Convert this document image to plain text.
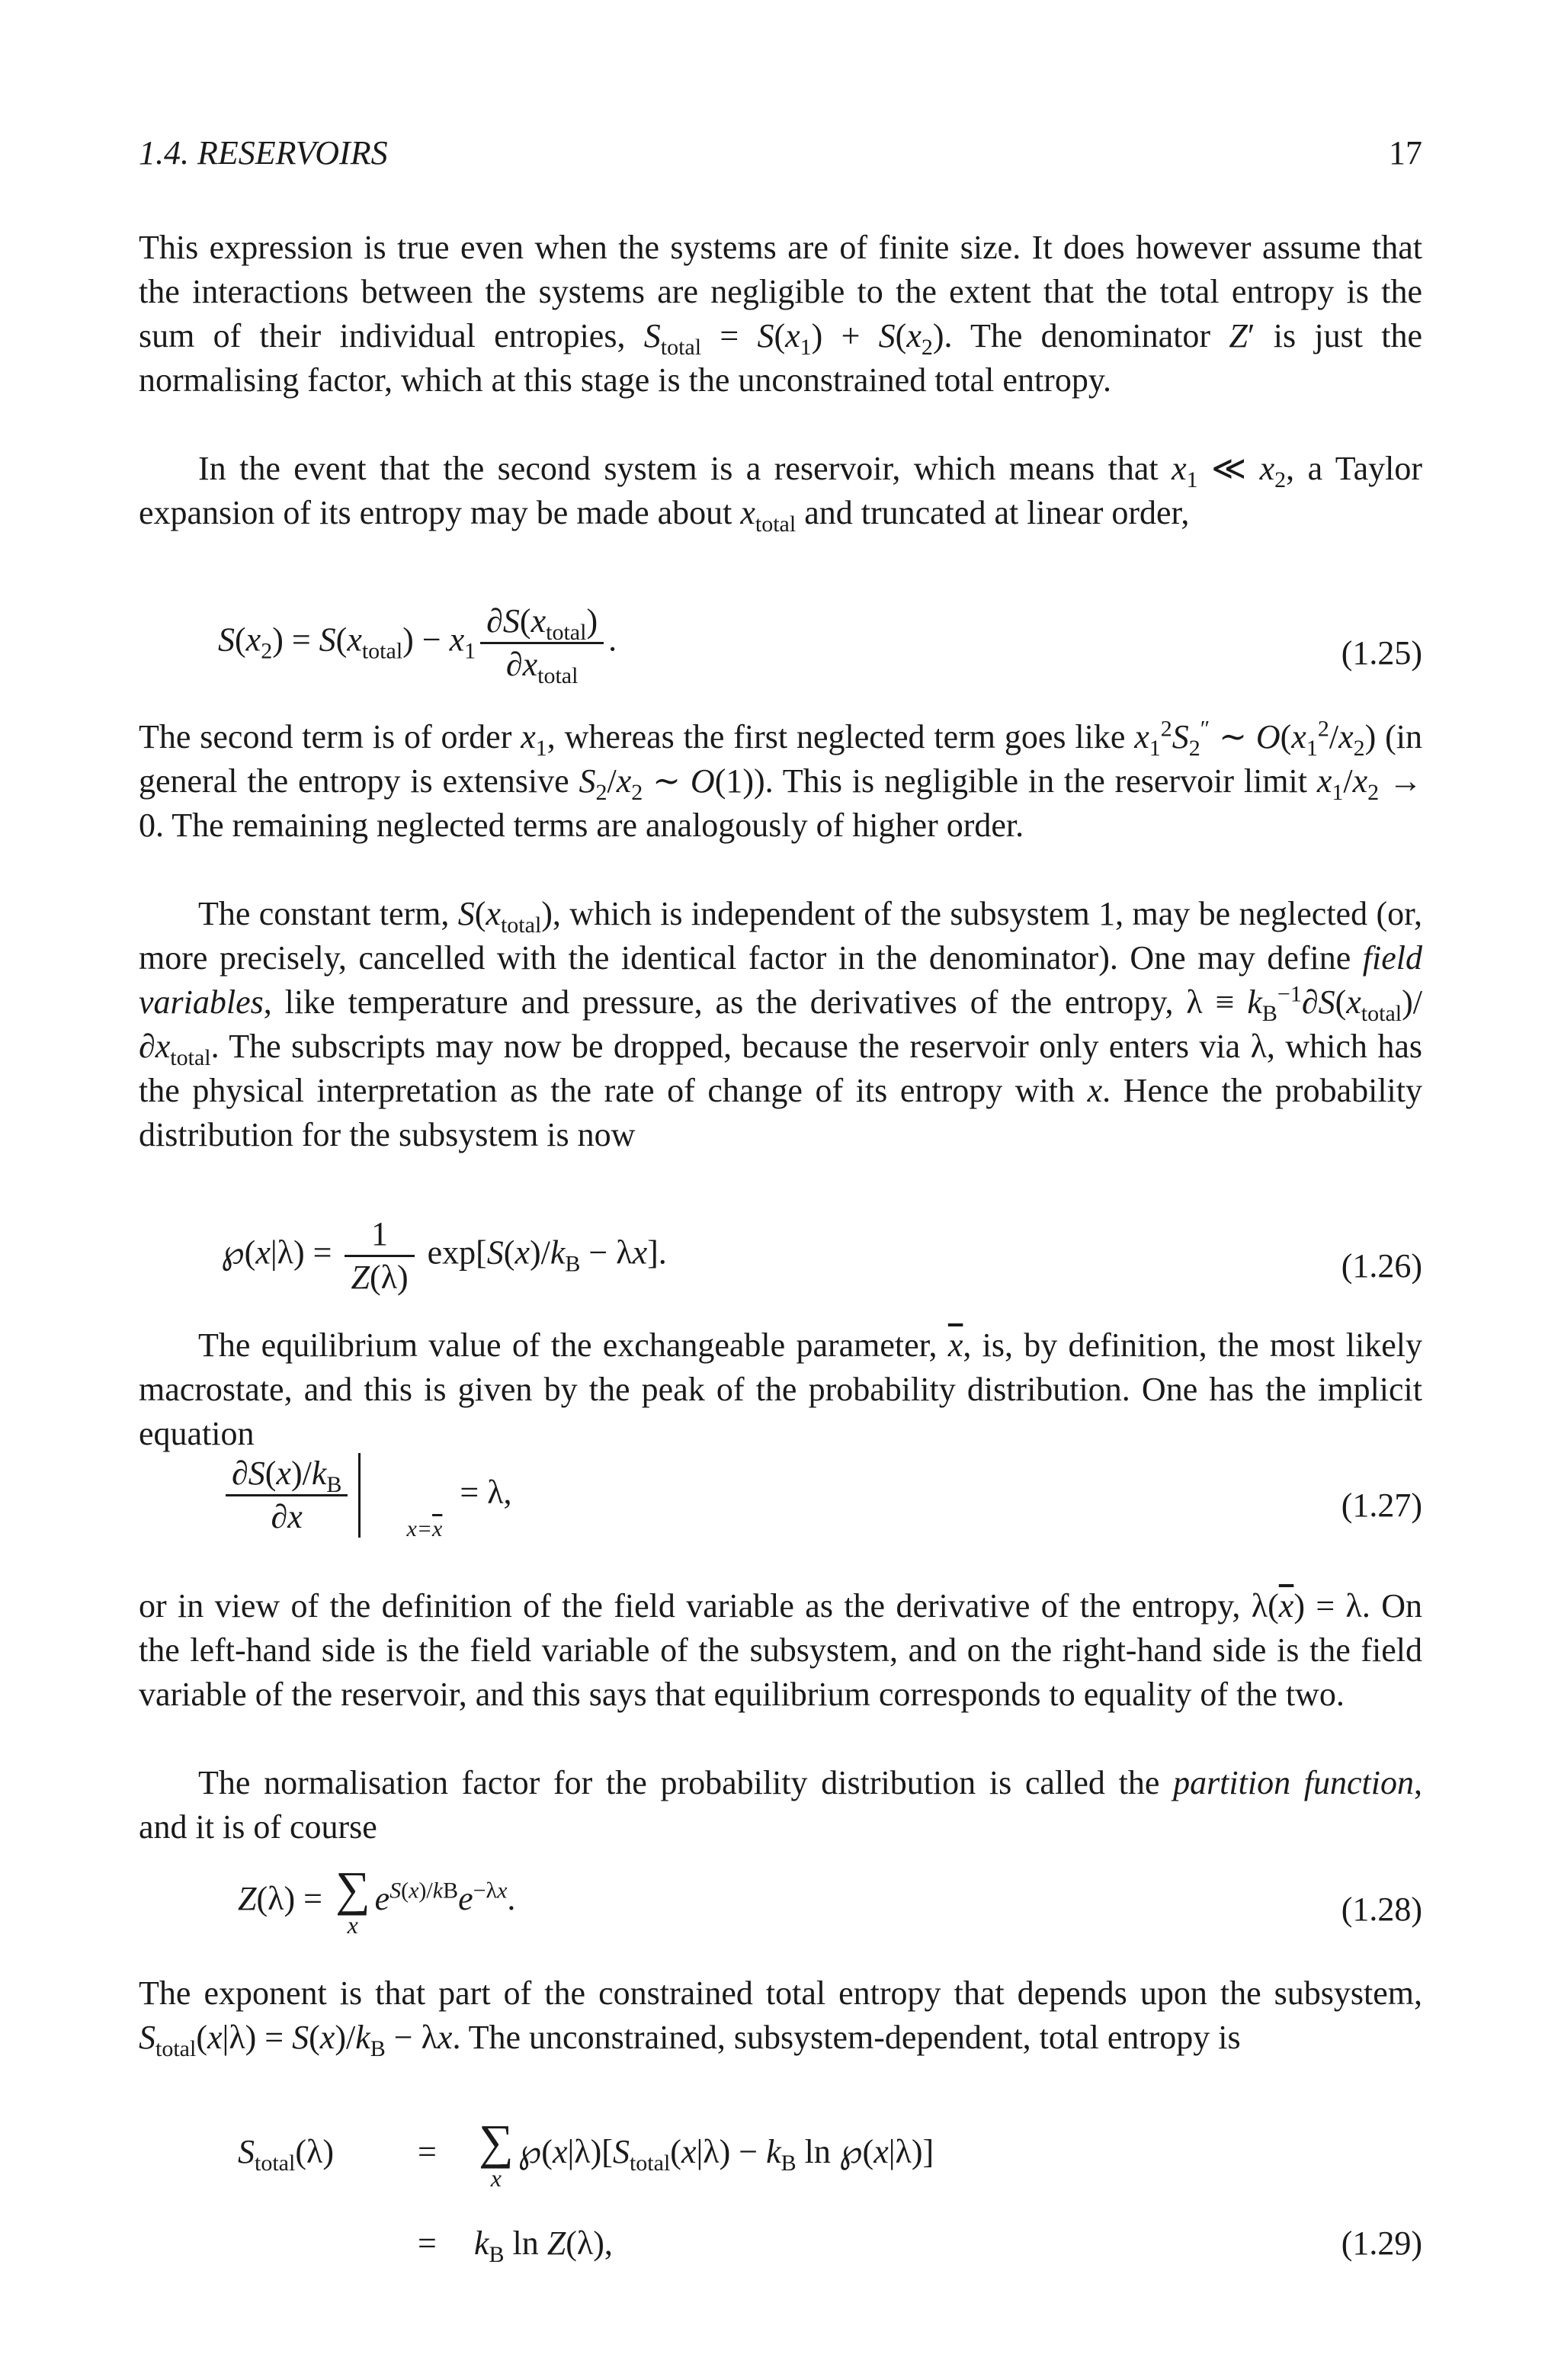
1.4. RESERVOIRS	17

This expression is true even when the systems are of finite size. It does however assume that the interactions between the systems are negligible to the extent that the total entropy is the sum of their individual entropies, $S_{total} = S(x_1) + S(x_2)$. The denominator Z′ is just the normalising factor, which at this stage is the unconstrained total entropy.

In the event that the second system is a reservoir, which means that $x_1$ ≪ $x_2$, a Taylor expansion of its entropy may be made about $x_{total}$ and truncated at linear order,

$S(x_2) = S(x_{total}) - x_1 \frac{\partial S(x_{total})}{\partial x_{total}}$ .	(1.25)

The second term is of order $x_1$, whereas the first neglected term goes like $x_1^2S_2''$ ∼ $O(x_1^2/x_2)$ (in general the entropy is extensive $S_2/x_2$ ∼ O(1)). This is negligible in the reservoir limit $x_1/x_2 \to 0$. The remaining neglected terms are analogously of higher order.

The constant term, $S(x_{total})$, which is independent of the subsystem 1, may be neglected (or, more precisely, cancelled with the identical factor in the denominator). One may define field variables, like temperature and pressure, as the derivatives of the entropy, $\lambda \equiv k_B^{-1}\partial S(x_{total})/\partial x_{total}$. The subscripts may now be dropped, because the reservoir only enters via λ, which has the physical interpretation as the rate of change of its entropy with x. Hence the probability distribution for the subsystem is now

℘(x|λ) = $\frac{1}{Z(\lambda)} \exp[S(x)/k_B - \lambda x]$.	(1.26)

The equilibrium value of the exchangeable parameter, $\overline{x}$, is, by definition, the most likely macrostate, and this is given by the peak of the probability distribution. One has the implicit equation

$\frac{\partial S(x)/k_B}{\partial x}$	$x=\overline{x}$
= λ,	(1.27)

or in view of the definition of the field variable as the derivative of the entropy, $\lambda(\overline{x}) = \lambda$. On the left-hand side is the field variable of the subsystem, and on the right-hand side is the field variable of the reservoir, and this says that equilibrium corresponds to equality of the two.

The normalisation factor for the probability distribution is called the partition function, and it is of course

Z(λ) = ∑
x
$e^{S(x)/kB}e^{-\lambda x}$.	(1.28)

The exponent is that part of the constrained total entropy that depends upon the subsystem, $S_{total}(x|\lambda) = S(x)/k_B - \lambda x$. The unconstrained, subsystem-dependent, total entropy is

$S_{total}(\lambda)$	= ∑
x
$℘(x|\lambda)[S_{total}(x|\lambda) - k_B$ ln ℘(x|λ)]
= $k_B$ ln Z(λ),	(1.29)
